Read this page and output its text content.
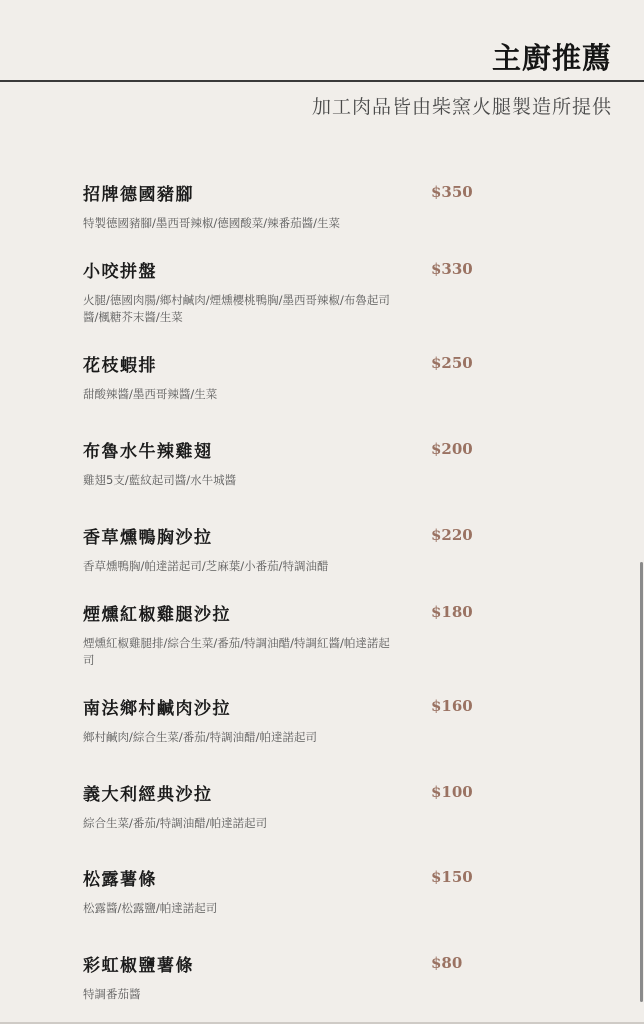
主廚推薦
加工肉品皆由柴窯火腿製造所提供
招牌德國豬腳	$350
特製德國豬腳/墨西哥辣椒/德國酸菜/辣番茄醬/生菜
小咬拼盤	$330
火腿/德國肉腸/鄉村鹹肉/煙燻櫻桃鴨胸/墨西哥辣椒/布魯起司醬/楓糖芥末醬/生菜
花枝蝦排	$250
甜酸辣醬/墨西哥辣醬/生菜
布魯水牛辣雞翅	$200
雞翅5支/藍紋起司醬/水牛城醬
香草燻鴨胸沙拉	$220
香草燻鴨胸/帕達諾起司/芝麻葉/小番茄/特調油醋
煙燻紅椒雞腿沙拉	$180
煙燻紅椒雞腿排/綜合生菜/番茄/特調油醋/特調紅醬/帕達諾起司
南法鄉村鹹肉沙拉	$160
鄉村鹹肉/綜合生菜/番茄/特調油醋/帕達諾起司
義大利經典沙拉	$100
綜合生菜/番茄/特調油醋/帕達諾起司
松露薯條	$150
松露醬/松露鹽/帕達諾起司
彩虹椒鹽薯條	$80
特調番茄醬
